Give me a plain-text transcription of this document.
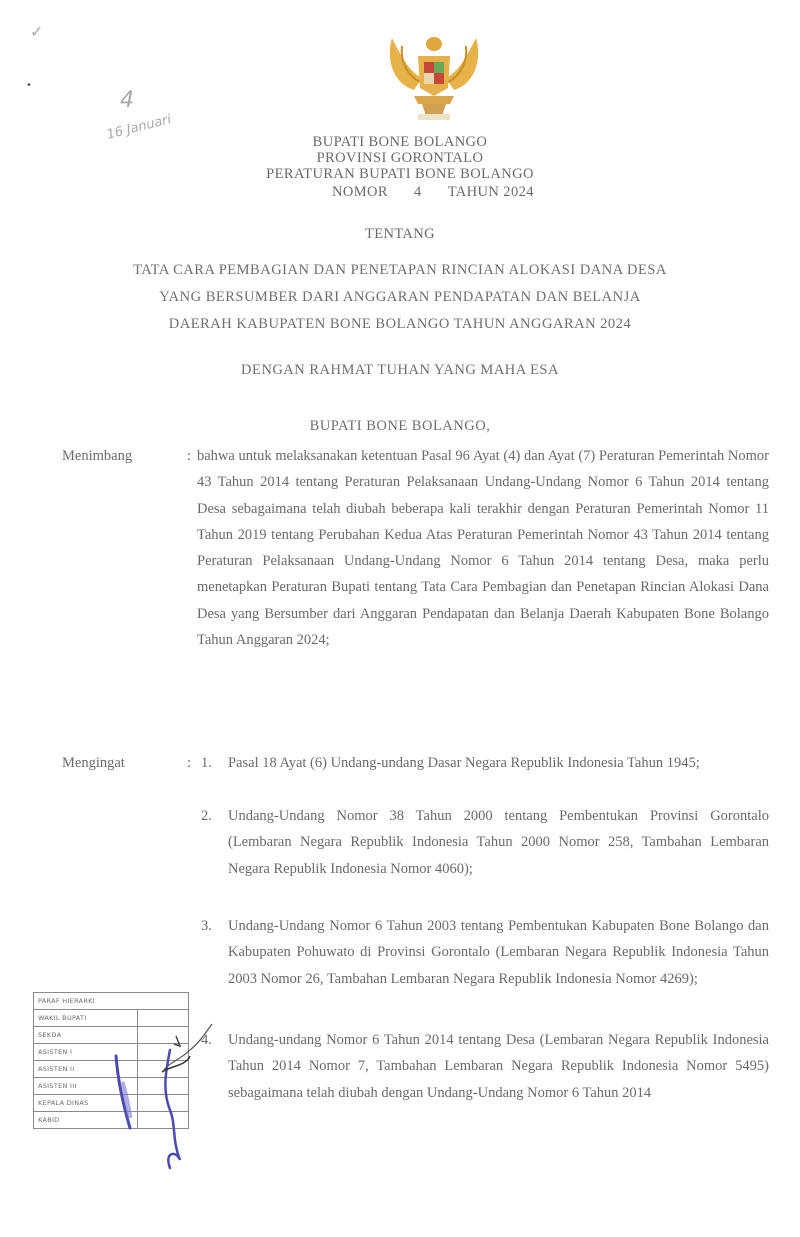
✓
•
4
16 Januari	BUPATI BONE BOLANGO
PROVINSI GORONTALO
PERATURAN BUPATI BONE BOLANGO
NOMOR 4 TAHUN 2024
TENTANG
TATA CARA PEMBAGIAN DAN PENETAPAN RINCIAN ALOKASI DANA DESA
YANG BERSUMBER DARI ANGGARAN PENDAPATAN DAN BELANJA
DAERAH KABUPATEN BONE BOLANGO TAHUN ANGGARAN 2024
DENGAN RAHMAT TUHAN YANG MAHA ESA
BUPATI BONE BOLANGO,
Menimbang	: bahwa untuk melaksanakan ketentuan Pasal 96 Ayat (4) dan Ayat (7) Peraturan Pemerintah Nomor 43 Tahun 2014 tentang Peraturan Pelaksanaan Undang-Undang Nomor 6 Tahun 2014 tentang Desa sebagaimana telah diubah beberapa kali terakhir dengan Peraturan Pemerintah Nomor 11 Tahun 2019 tentang Perubahan Kedua Atas Peraturan Pemerintah Nomor 43 Tahun 2014 tentang Peraturan Pelaksanaan Undang-Undang Nomor 6 Tahun 2014 tentang Desa, maka perlu menetapkan Peraturan Bupati tentang Tata Cara Pembagian dan Penetapan Rincian Alokasi Dana Desa yang Bersumber dari Anggaran Pendapatan dan Belanja Daerah Kabupaten Bone Bolango Tahun Anggaran 2024;
Mengingat	: 1. Pasal 18 Ayat (6) Undang-undang Dasar Negara Republik Indonesia Tahun 1945;
2. Undang-Undang Nomor 38 Tahun 2000 tentang Pembentukan Provinsi Gorontalo (Lembaran Negara Republik Indonesia Tahun 2000 Nomor 258, Tambahan Lembaran Negara Republik Indonesia Nomor 4060);
3. Undang-Undang Nomor 6 Tahun 2003 tentang Pembentukan Kabupaten Bone Bolango dan Kabupaten Pohuwato di Provinsi Gorontalo (Lembaran Negara Republik Indonesia Tahun 2003 Nomor 26, Tambahan Lembaran Negara Republik Indonesia Nomor 4269);
4. Undang-undang Nomor 6 Tahun 2014 tentang Desa (Lembaran Negara Republik Indonesia Tahun 2014 Nomor 7, Tambahan Lembaran Negara Republik Indonesia Nomor 5495) sebagaimana telah diubah dengan Undang-Undang Nomor 6 Tahun 2014
PARAF HIERARKI	
WAKIL BUPATI	
SEKDA	
ASISTEN I	
ASISTEN II	
ASISTEN III	
KEPALA DINAS	
KABID	
